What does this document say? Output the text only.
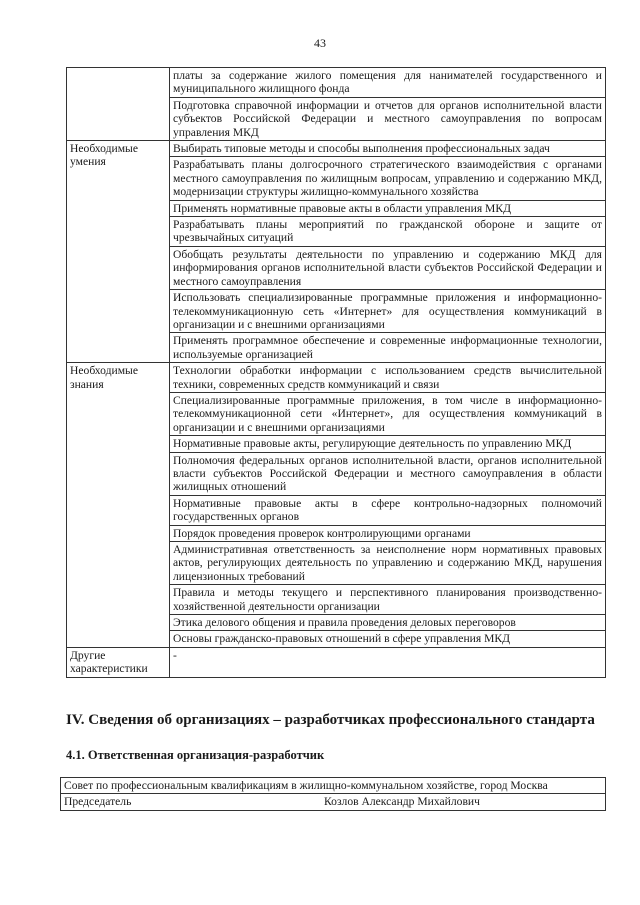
43
	платы за содержание жилого помещения для нанимателей государственного и муниципального жилищного фонда
	Подготовка справочной информации и отчетов для органов исполнительной власти субъектов Российской Федерации и местного самоуправления по вопросам управления МКД
Необходимые умения	Выбирать типовые методы и способы выполнения профессиональных задач
	Разрабатывать планы долгосрочного стратегического взаимодействия с органами местного самоуправления по жилищным вопросам, управлению и содержанию МКД, модернизации структуры жилищно-коммунального хозяйства
	Применять нормативные правовые акты в области управления МКД
	Разрабатывать планы мероприятий по гражданской обороне и защите от чрезвычайных ситуаций
	Обобщать результаты деятельности по управлению и содержанию МКД для информирования органов исполнительной власти субъектов Российской Федерации и местного самоуправления
	Использовать специализированные программные приложения и информационно-телекоммуникационную сеть «Интернет» для осуществления коммуникаций в организации и с внешними организациями
	Применять программное обеспечение и современные информационные технологии, используемые организацией
Необходимые знания	Технологии обработки информации с использованием средств вычислительной техники, современных средств коммуникаций и связи
	Специализированные программные приложения, в том числе в информационно-телекоммуникационной сети «Интернет», для осуществления коммуникаций в организации и с внешними организациями
	Нормативные правовые акты, регулирующие деятельность по управлению МКД
	Полномочия федеральных органов исполнительной власти, органов исполнительной власти субъектов Российской Федерации и местного самоуправления в области жилищных отношений
	Нормативные правовые акты в сфере контрольно-надзорных полномочий государственных органов
	Порядок проведения проверок контролирующими органами
	Административная ответственность за неисполнение норм нормативных правовых актов, регулирующих деятельность по управлению и содержанию МКД, нарушения лицензионных требований
	Правила и методы текущего и перспективного планирования производственно-хозяйственной деятельности организации
	Этика делового общения и правила проведения деловых переговоров
	Основы гражданско-правовых отношений в сфере управления МКД
Другие характеристики	-
IV. Сведения об организациях – разработчиках профессионального стандарта
4.1. Ответственная организация-разработчик
Совет по профессиональным квалификациям в жилищно-коммунальном хозяйстве, город Москва

Председатель	Козлов Александр Михайлович
